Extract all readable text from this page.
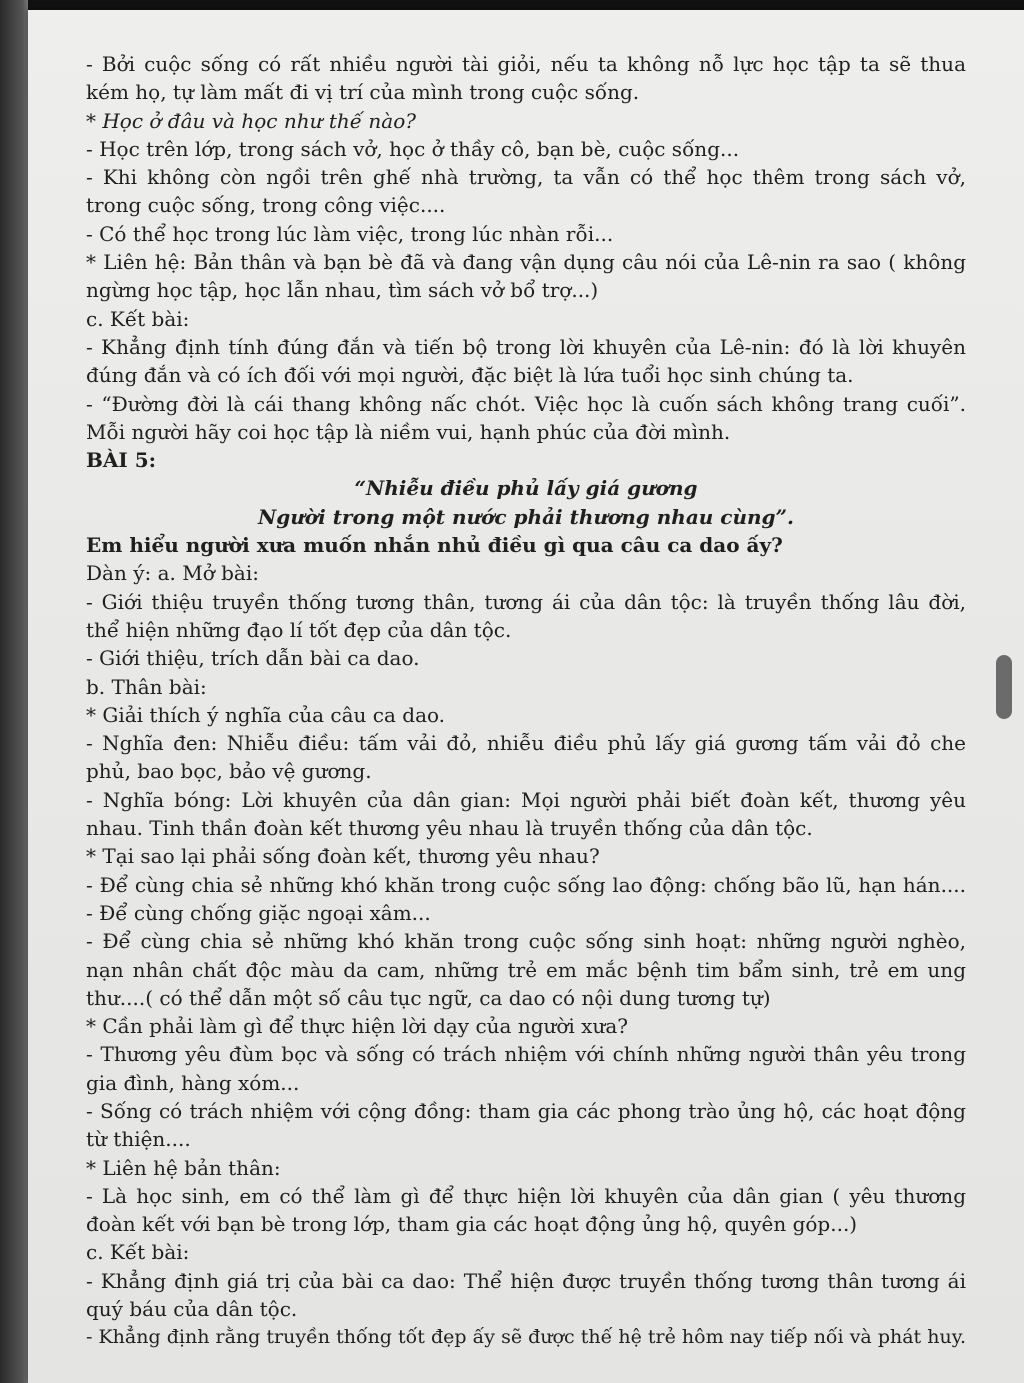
- Bởi cuộc sống có rất nhiều người tài giỏi, nếu ta không nỗ lực học tập ta sẽ thua
kém họ, tự làm mất đi vị trí của mình trong cuộc sống.
* Học ở đâu và học như thế nào?
- Học trên lớp, trong sách vở, học ở thầy cô, bạn bè, cuộc sống...
- Khi không còn ngồi trên ghế nhà trường, ta vẫn có thể học thêm trong sách vở,
trong cuộc sống, trong công việc....
- Có thể học trong lúc làm việc, trong lúc nhàn rỗi...
* Liên hệ: Bản thân và bạn bè đã và đang vận dụng câu nói của Lê-nin ra sao ( không
ngừng học tập, học lẫn nhau, tìm sách vở bổ trợ...)
c. Kết bài:
- Khẳng định tính đúng đắn và tiến bộ trong lời khuyên của Lê-nin: đó là lời khuyên
đúng đắn và có ích đối với mọi người, đặc biệt là lứa tuổi học sinh chúng ta.
- “Đường đời là cái thang không nấc chót. Việc học là cuốn sách không trang cuối”.
Mỗi người hãy coi học tập là niềm vui, hạnh phúc của đời mình.
BÀI 5:
“Nhiễu điều phủ lấy giá gương
Người trong một nước phải thương nhau cùng”.
Em hiểu người xưa muốn nhắn nhủ điều gì qua câu ca dao ấy?
Dàn ý: a. Mở bài:
- Giới thiệu truyền thống tương thân, tương ái của dân tộc: là truyền thống lâu đời,
thể hiện những đạo lí tốt đẹp của dân tộc.
- Giới thiệu, trích dẫn bài ca dao.
b. Thân bài:
* Giải thích ý nghĩa của câu ca dao.
- Nghĩa đen: Nhiễu điều: tấm vải đỏ, nhiễu điều phủ lấy giá gương tấm vải đỏ che
phủ, bao bọc, bảo vệ gương.
- Nghĩa bóng: Lời khuyên của dân gian: Mọi người phải biết đoàn kết, thương yêu
nhau. Tinh thần đoàn kết thương yêu nhau là truyền thống của dân tộc.
* Tại sao lại phải sống đoàn kết, thương yêu nhau?
- Để cùng chia sẻ những khó khăn trong cuộc sống lao động: chống bão lũ, hạn hán....
- Để cùng chống giặc ngoại xâm...
- Để cùng chia sẻ những khó khăn trong cuộc sống sinh hoạt: những người nghèo,
nạn nhân chất độc màu da cam, những trẻ em mắc bệnh tim bẩm sinh, trẻ em ung
thư....( có thể dẫn một số câu tục ngữ, ca dao có nội dung tương tự)
* Cần phải làm gì để thực hiện lời dạy của người xưa?
- Thương yêu đùm bọc và sống có trách nhiệm với chính những người thân yêu trong
gia đình, hàng xóm...
- Sống có trách nhiệm với cộng đồng: tham gia các phong trào ủng hộ, các hoạt động
từ thiện....
* Liên hệ bản thân:
- Là học sinh, em có thể làm gì để thực hiện lời khuyên của dân gian ( yêu thương
đoàn kết với bạn bè trong lớp, tham gia các hoạt động ủng hộ, quyên góp...)
c. Kết bài:
- Khẳng định giá trị của bài ca dao: Thể hiện được truyền thống tương thân tương ái
quý báu của dân tộc.
- Khẳng định rằng truyền thống tốt đẹp ấy sẽ được thế hệ trẻ hôm nay tiếp nối và phát huy.
